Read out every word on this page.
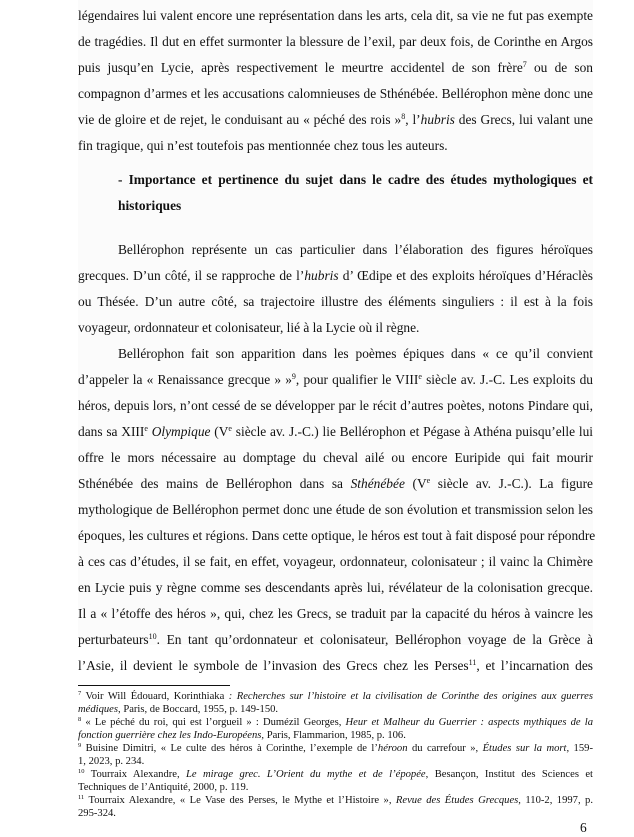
légendaires lui valent encore une représentation dans les arts, cela dit, sa vie ne fut pas exempte
de tragédies. Il dut en effet surmonter la blessure de l’exil, par deux fois, de Corinthe en Argos
puis jusqu’en Lycie, après respectivement le meurtre accidentel de son frère$^7$ ou de son
compagnon d’armes et les accusations calomnieuses de Sthénébée. Bellérophon mène donc une
vie de gloire et de rejet, le conduisant au « péché des rois »$^8$, l’hubris des Grecs, lui valant une
fin tragique, qui n’est toutefois pas mentionnée chez tous les auteurs.
- Importance et pertinence du sujet dans le cadre des études mythologiques et
historiques
Bellérophon représente un cas particulier dans l’élaboration des figures héroïques
grecques. D’un côté, il se rapproche de l’hubris d’ Œdipe et des exploits héroïques d’Héraclès
ou Thésée. D’un autre côté, sa trajectoire illustre des éléments singuliers : il est à la fois
voyageur, ordonnateur et colonisateur, lié à la Lycie où il règne.
Bellérophon fait son apparition dans les poèmes épiques dans « ce qu’il convient
d’appeler la « Renaissance grecque » »$^9$, pour qualifier le VIIIe siècle av. J.-C. Les exploits du
héros, depuis lors, n’ont cessé de se développer par le récit d’autres poètes, notons Pindare qui,
dans sa XIIIe Olympique (Ve siècle av. J.-C.) lie Bellérophon et Pégase à Athéna puisqu’elle lui
offre le mors nécessaire au domptage du cheval ailé ou encore Euripide qui fait mourir
Sthénébée des mains de Bellérophon dans sa Sthénébée (Ve siècle av. J.-C.). La figure
mythologique de Bellérophon permet donc une étude de son évolution et transmission selon les
époques, les cultures et régions. Dans cette optique, le héros est tout à fait disposé pour répondre
à ces cas d’études, il se fait, en effet, voyageur, ordonnateur, colonisateur ; il vainc la Chimère
en Lycie puis y règne comme ses descendants après lui, révélateur de la colonisation grecque.
Il a « l’étoffe des héros », qui, chez les Grecs, se traduit par la capacité du héros à vaincre les
perturbateurs$^{10}$. En tant qu’ordonnateur et colonisateur, Bellérophon voyage de la Grèce à
l’Asie, il devient le symbole de l’invasion des Grecs chez les Perses$^{11}$, et l’incarnation des
$^7$ Voir Will Édouard, Korinthiaka : Recherches sur l’histoire et la civilisation de Corinthe des origines aux guerres
médiques, Paris, de Boccard, 1955, p. 149-150.
$^8$ « Le péché du roi, qui est l’orgueil » : Dumézil Georges, Heur et Malheur du Guerrier : aspects mythiques de la
fonction guerrière chez les Indo-Européens, Paris, Flammarion, 1985, p. 106.
$^9$ Buisine Dimitri, « Le culte des héros à Corinthe, l’exemple de l’héroon du carrefour », Études sur la mort, 159-
1, 2023, p. 234.
$^{10}$ Tourraix Alexandre, Le mirage grec. L’Orient du mythe et de l’épopée, Besançon, Institut des Sciences et
Techniques de l’Antiquité, 2000, p. 119.
$^{11}$ Tourraix Alexandre, « Le Vase des Perses, le Mythe et l’Histoire », Revue des Études Grecques, 110-2, 1997, p.
295-324.
6
